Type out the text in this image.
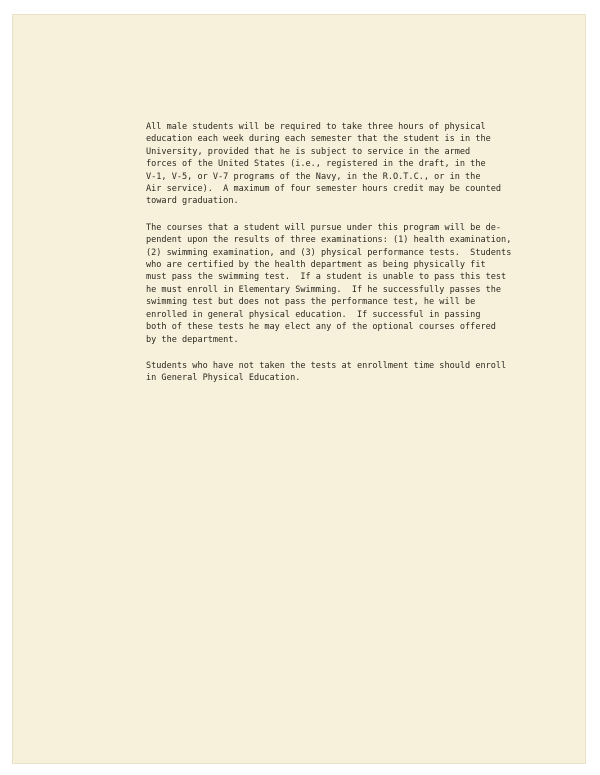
All male students will be required to take three hours of physical
education each week during each semester that the student is in the
University, provided that he is subject to service in the armed
forces of the United States (i.e., registered in the draft, in the
V-1, V-5, or V-7 programs of the Navy, in the R.O.T.C., or in the
Air service).  A maximum of four semester hours credit may be counted
toward graduation.

The courses that a student will pursue under this program will be de-
pendent upon the results of three examinations: (1) health examination,
(2) swimming examination, and (3) physical performance tests.  Students
who are certified by the health department as being physically fit
must pass the swimming test.  If a student is unable to pass this test
he must enroll in Elementary Swimming.  If he successfully passes the
swimming test but does not pass the performance test, he will be
enrolled in general physical education.  If successful in passing
both of these tests he may elect any of the optional courses offered
by the department.

Students who have not taken the tests at enrollment time should enroll
in General Physical Education.
